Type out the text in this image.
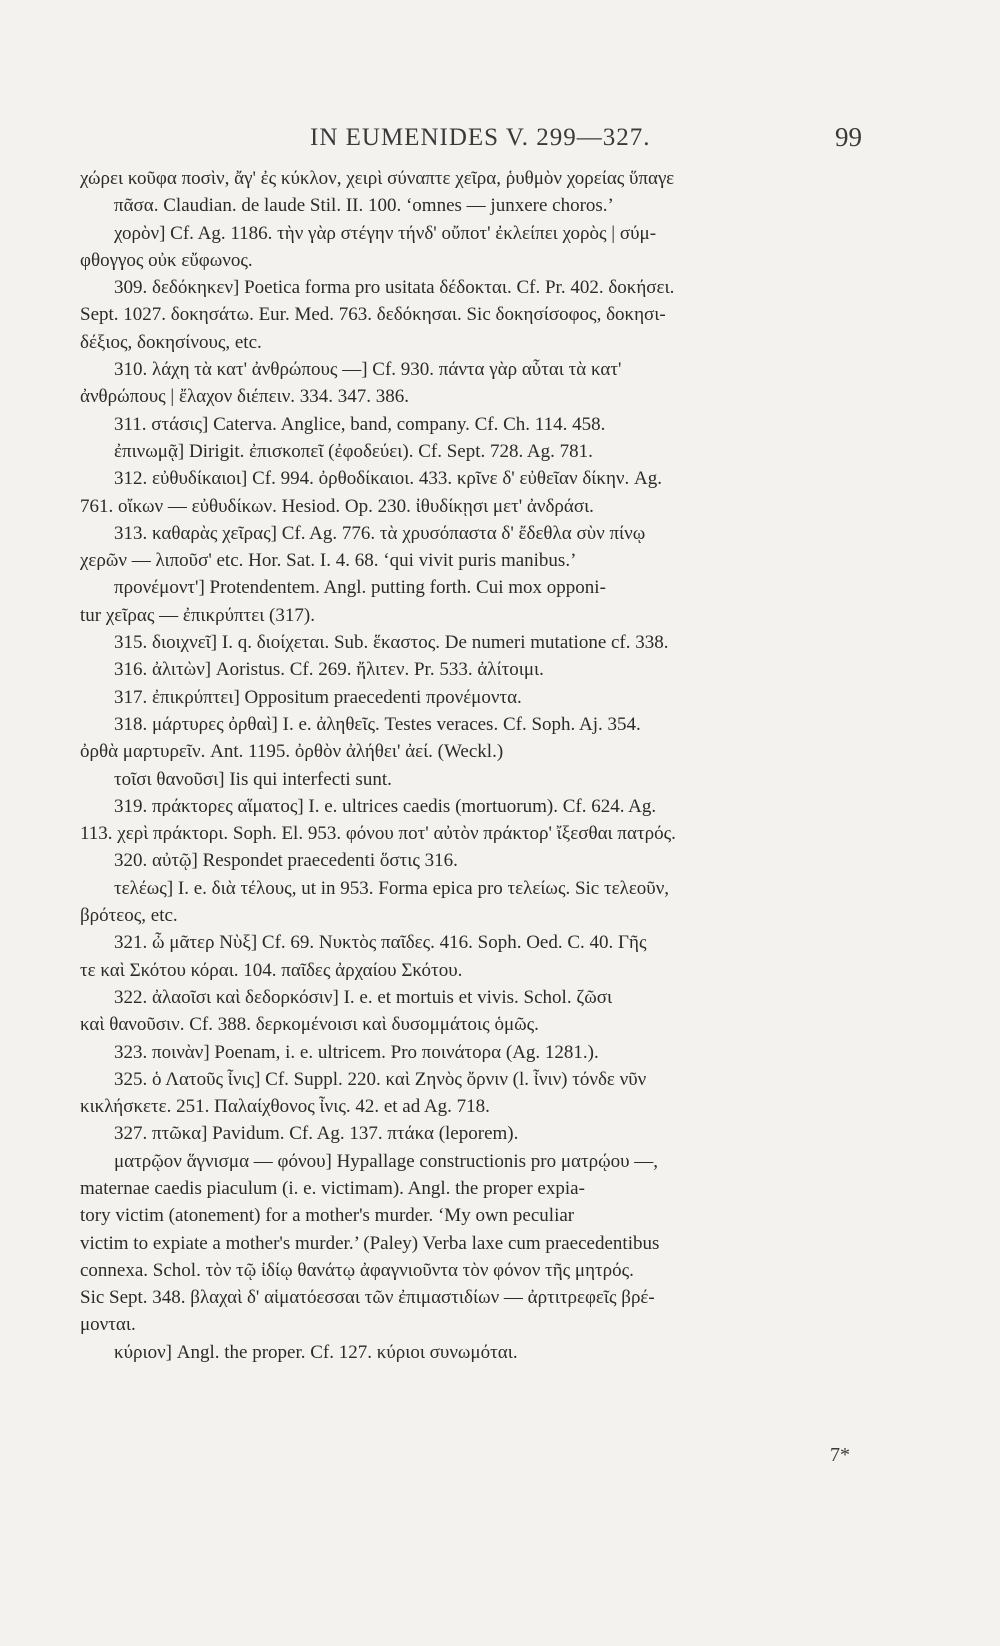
IN EUMENIDES V. 299—327.	99
χώρει κοῦφα ποσὶν, ἄγ' ἐς κύκλον, χειρὶ σύναπτε χεῖρα, ῥυθμὸν χορείας ὕπαγε
πᾶσα. Claudian. de laude Stil. II. 100. ‘omnes — junxere choros.’
χορὸν] Cf. Ag. 1186. τὴν γὰρ στέγην τήνδ' οὔποτ' ἐκλείπει χορὸς | σύμ-
φθογγος οὐκ εὔφωνος.
309. δεδόκηκεν] Poetica forma pro usitata δέδοκται. Cf. Pr. 402. δοκήσει.
Sept. 1027. δοκησάτω. Eur. Med. 763. δεδόκησαι. Sic δοκησίσοφος, δοκησι-
δέξιος, δοκησίνους, etc.
310. λάχη τὰ κατ' ἀνθρώπους —] Cf. 930. πάντα γὰρ αὗται τὰ κατ'
ἀνθρώπους | ἔλαχον διέπειν. 334. 347. 386.
311. στάσις] Caterva. Anglice, band, company. Cf. Ch. 114. 458.
ἐπινωμᾷ] Dirigit. ἐπισκοπεῖ (ἐφοδεύει). Cf. Sept. 728. Ag. 781.
312. εὐθυδίκαιοι] Cf. 994. ὀρθοδίκαιοι. 433. κρῖνε δ' εὐθεῖαν δίκην. Ag.
761. οἴκων — εὐθυδίκων. Hesiod. Op. 230. ἰθυδίκῃσι μετ' ἀνδράσι.
313. καθαρὰς χεῖρας] Cf. Ag. 776. τὰ χρυσόπαστα δ' ἔδεθλα σὺν πίνῳ
χερῶν — λιποῦσ' etc. Hor. Sat. I. 4. 68. ‘qui vivit puris manibus.’
προνέμοντ'] Protendentem. Angl. putting forth. Cui mox opponi-
tur χεῖρας — ἐπικρύπτει (317).
315. διοιχνεῖ] I. q. διοίχεται. Sub. ἕκαστος. De numeri mutatione cf. 338.
316. ἀλιτὼν] Aoristus. Cf. 269. ἤλιτεν. Pr. 533. ἀλίτοιμι.
317. ἐπικρύπτει] Oppositum praecedenti προνέμοντα.
318. μάρτυρες ὀρθαὶ] I. e. ἀληθεῖς. Testes veraces. Cf. Soph. Aj. 354.
ὀρθὰ μαρτυρεῖν. Ant. 1195. ὀρθὸν ἀλήθει' ἀεί. (Weckl.)
τοῖσι θανοῦσι] Iis qui interfecti sunt.
319. πράκτορες αἵματος] I. e. ultrices caedis (mortuorum). Cf. 624. Ag.
113. χερὶ πράκτορι. Soph. El. 953. φόνου ποτ' αὐτὸν πράκτορ' ἴξεσθαι πατρός.
320. αὐτῷ] Respondet praecedenti ὅστις 316.
τελέως] I. e. διὰ τέλους, ut in 953. Forma epica pro τελείως. Sic τελεοῦν,
βρότεος, etc.
321. ὦ μᾶτερ Νὺξ] Cf. 69. Νυκτὸς παῖδες. 416. Soph. Oed. C. 40. Γῆς
τε καὶ Σκότου κόραι. 104. παῖδες ἀρχαίου Σκότου.
322. ἀλαοῖσι καὶ δεδορκόσιν] I. e. et mortuis et vivis. Schol. ζῶσι
καὶ θανοῦσιν. Cf. 388. δερκομένοισι καὶ δυσομμάτοις ὁμῶς.
323. ποινὰν] Poenam, i. e. ultricem. Pro ποινάτορα (Ag. 1281.).
325. ὁ Λατοῦς ἶνις] Cf. Suppl. 220. καὶ Ζηνὸς ὄρνιν (l. ἶνιν) τόνδε νῦν
κικλήσκετε. 251. Παλαίχθονος ἶνις. 42. et ad Ag. 718.
327. πτῶκα] Pavidum. Cf. Ag. 137. πτάκα (leporem).
ματρῷον ἅγνισμα — φόνου] Hypallage constructionis pro ματρῴου —,
maternae caedis piaculum (i. e. victimam). Angl. the proper expia-
tory victim (atonement) for a mother's murder. ‘My own peculiar
victim to expiate a mother's murder.’ (Paley) Verba laxe cum praecedentibus
connexa. Schol. τὸν τῷ ἰδίῳ θανάτῳ ἀφαγνιοῦντα τὸν φόνον τῆς μητρός.
Sic Sept. 348. βλαχαὶ δ' αἱματόεσσαι τῶν ἐπιμαστιδίων — ἀρτιτρεφεῖς βρέ-
μονται.
κύριον] Angl. the proper. Cf. 127. κύριοι συνωμόται.
7*
